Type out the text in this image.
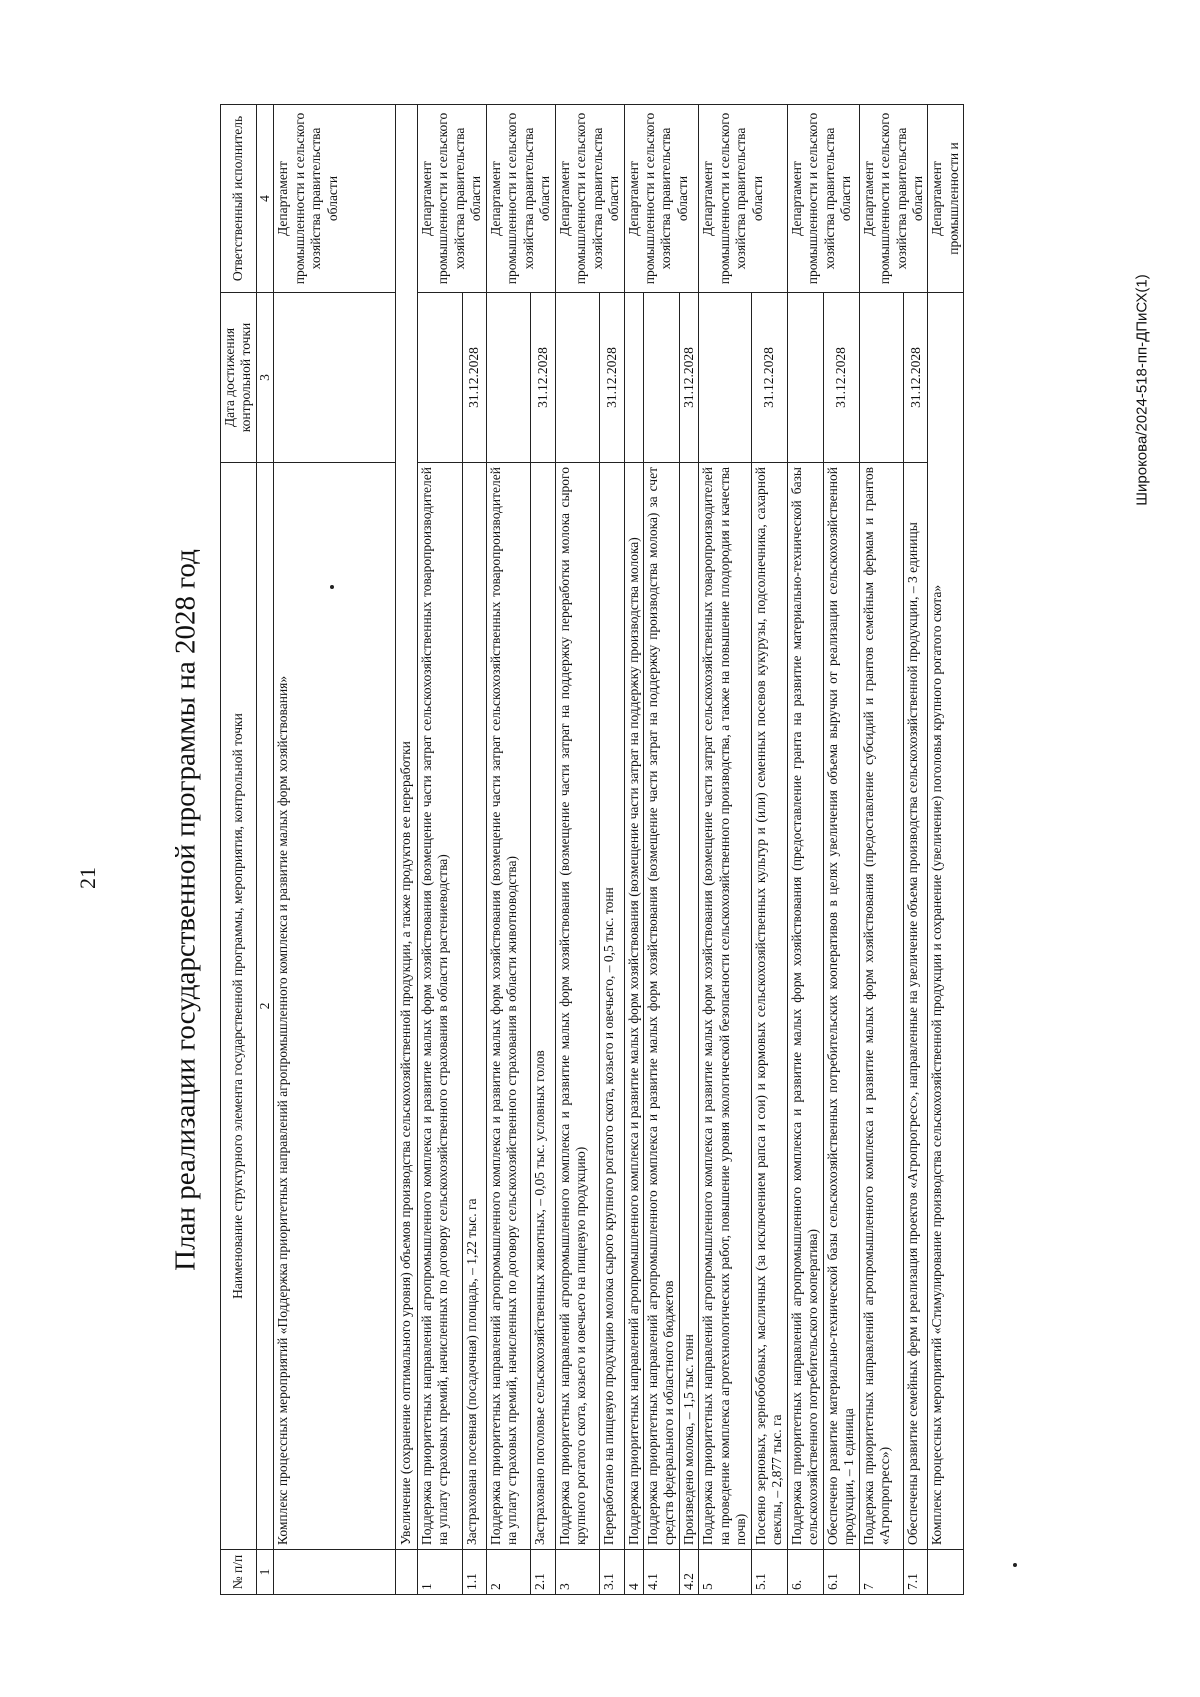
21 План реализации государственной программы на 2028 год
Широкова/2024-518-пп-ДПиСХ(1)
№ п/п	Наименование структурного элемента государственной программы, мероприятия, контрольной точки	Дата достижения контрольной точки	Ответственный исполнитель
1	2	3	4
	Комплекс процессных мероприятий «Поддержка приоритетных направлений агропромышленного комплекса и развитие малых форм хозяйствования»		Департамент промышленности и сельского хозяйства правительства области
	Увеличение (сохранение оптимального уровня) объемов производства сельскохозяйственной продукции, а также продуктов ее переработки		
1	Поддержка приоритетных направлений агропромышленного комплекса и развитие малых форм хозяйствования (возмещение части затрат сельскохозяйственных товаропроизводителей на уплату страховых премий, начисленных по договору сельскохозяйственного страхования в области растениеводства)		Департамент промышленности и сельского хозяйства правительства области
1.1	Застрахована посевная (посадочная) площадь, – 1,22 тыс. га	31.12.2028	
2	Поддержка приоритетных направлений агропромышленного комплекса и развитие малых форм хозяйствования (возмещение части затрат сельскохозяйственных товаропроизводителей на уплату страховых премий, начисленных по договору сельскохозяйственного страхования в области животноводства)		Департамент промышленности и сельского хозяйства правительства области
2.1	Застраховано поголовье сельскохозяйственных животных, – 0,05 тыс. условных голов	31.12.2028	
3	Поддержка приоритетных направлений агропромышленного комплекса и развитие малых форм хозяйствования (возмещение части затрат на поддержку переработки молока сырого крупного рогатого скота, козьего и овечьего на пищевую продукцию)		Департамент промышленности и сельского хозяйства правительства области
3.1	Переработано на пищевую продукцию молока сырого крупного рогатого скота, козьего и овечьего, – 0,5 тыс. тонн	31.12.2028	
4	Поддержка приоритетных направлений агропромышленного комплекса и развитие малых форм хозяйствования (возмещение части затрат на поддержку производства молока)		Департамент промышленности и сельского хозяйства правительства области
4.1	Поддержка приоритетных направлений агропромышленного комплекса и развитие малых форм хозяйствования (возмещение части затрат на поддержку производства молока) за счет средств федерального и областного бюджетов		
4.2	Произведено молока, – 1,5 тыс. тонн	31.12.2028	
5	Поддержка приоритетных направлений агропромышленного комплекса и развитие малых форм хозяйствования (возмещение части затрат сельскохозяйственных товаропроизводителей на проведение комплекса агротехнологических работ, повышение уровня экологической безопасности сельскохозяйственного производства, а также на повышение плодородия и качества почв)		Департамент промышленности и сельского хозяйства правительства области
5.1	Посеяно зерновых, зернобобовых, масличных (за исключением рапса и сои) и кормовых сельскохозяйственных культур и (или) семенных посевов кукурузы, подсолнечника, сахарной свеклы, – 2,877 тыс. га	31.12.2028	
6.	Поддержка приоритетных направлений агропромышленного комплекса и развитие малых форм хозяйствования (предоставление гранта на развитие материально-технической базы сельскохозяйственного потребительского кооператива)		Департамент промышленности и сельского хозяйства правительства области
6.1	Обеспечено развитие материально-технической базы сельскохозяйственных потребительских кооперативов в целях увеличения объема выручки от реализации сельскохозяйственной продукции, – 1 единица	31.12.2028	
7	Поддержка приоритетных направлений агропромышленного комплекса и развитие малых форм хозяйствования (предоставление субсидий и грантов семейным фермам и грантов «Агропрогресс»)		Департамент промышленности и сельского хозяйства правительства области
7.1	Обеспечены развитие семейных ферм и реализация проектов «Агропрогресс», направленные на увеличение объема производства сельскохозяйственной продукции, – 3 единицы	31.12.2028	
	Комплекс процессных мероприятий «Стимулирование производства сельскохозяйственной продукции и сохранение (увеличение) поголовья крупного рогатого скота»		Департамент промышленности и
